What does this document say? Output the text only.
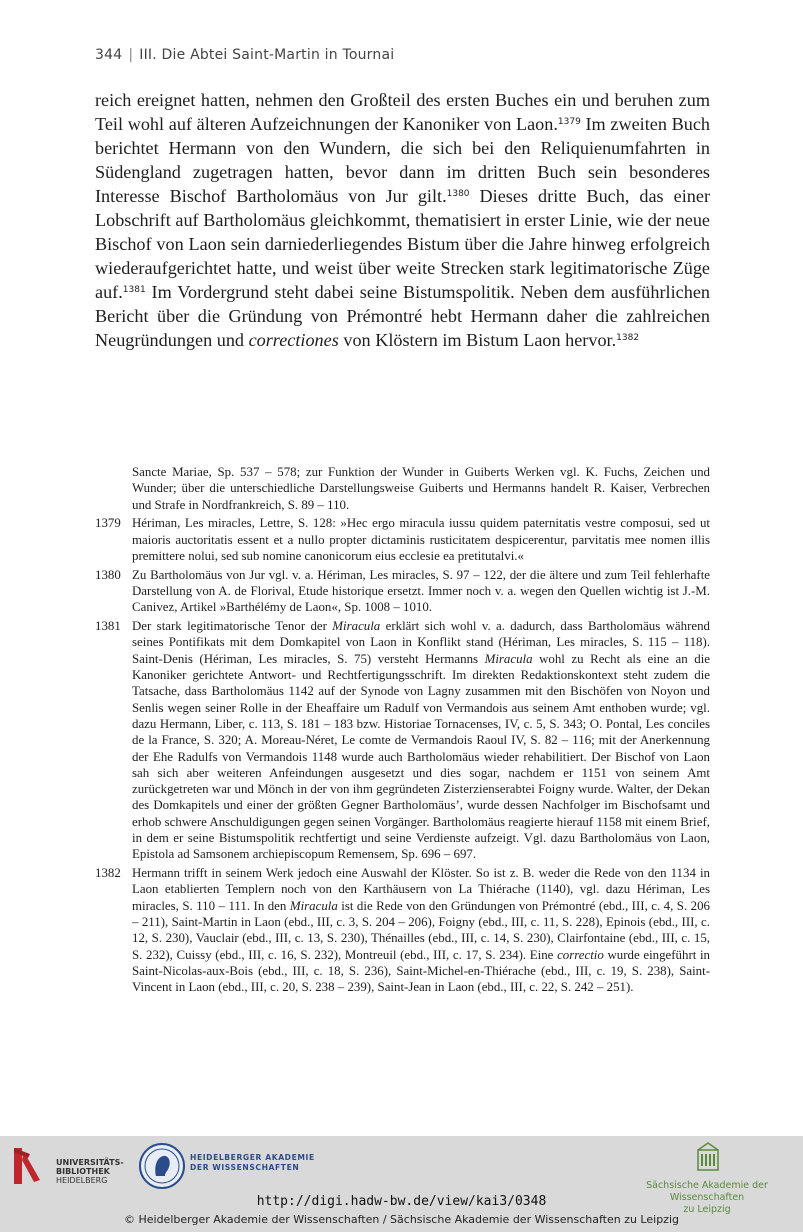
344 | III. Die Abtei Saint-Martin in Tournai

reich ereignet hatten, nehmen den Großteil des ersten Buches ein und beruhen zum Teil wohl auf älteren Aufzeichnungen der Kanoniker von Laon.$^{1379}$ Im zweiten Buch berichtet Hermann von den Wundern, die sich bei den Reliquienumfahrten in Südengland zugetragen hatten, bevor dann im dritten Buch sein besonderes Interesse Bischof Bartholomäus von Jur gilt.$^{1380}$ Dieses dritte Buch, das einer Lobschrift auf Bartholomäus gleichkommt, thematisiert in erster Linie, wie der neue Bischof von Laon sein darniederliegendes Bistum über die Jahre hinweg erfolgreich wiederaufgerichtet hatte, und weist über weite Strecken stark legitimatorische Züge auf.$^{1381}$ Im Vordergrund steht dabei seine Bistumspolitik. Neben dem ausführlichen Bericht über die Gründung von Prémontré hebt Hermann daher die zahlreichen Neugründungen und correctiones von Klöstern im Bistum Laon hervor.$^{1382}$

Sancte Mariae, Sp. 537 – 578; zur Funktion der Wunder in Guiberts Werken vgl. K. Fuchs, Zeichen und Wunder; über die unterschiedliche Darstellungsweise Guiberts und Hermanns handelt R. Kaiser, Verbrechen und Strafe in Nordfrankreich, S. 89 – 110.
1379 Hériman, Les miracles, Lettre, S. 128: »Hec ergo miracula iussu quidem paternitatis vestre composui, sed ut maioris auctoritatis essent et a nullo propter dictaminis rusticitatem despicerentur, parvitatis mee nomen illis premittere nolui, sed sub nomine canonicorum eius ecclesie ea pretitutalvi.«
1380 Zu Bartholomäus von Jur vgl. v. a. Hériman, Les miracles, S. 97 – 122, der die ältere und zum Teil fehlerhafte Darstellung von A. de Florival, Etude historique ersetzt. Immer noch v. a. wegen den Quellen wichtig ist J.-M. Canivez, Artikel »Barthélémy de Laon«, Sp. 1008 – 1010.
1381 Der stark legitimatorische Tenor der Miracula erklärt sich wohl v. a. dadurch, dass Bartholomäus während seines Pontifikats mit dem Domkapitel von Laon in Konflikt stand (Hériman, Les miracles, S. 115 – 118). Saint-Denis (Hériman, Les miracles, S. 75) versteht Hermanns Miracula wohl zu Recht als eine an die Kanoniker gerichtete Antwort- und Rechtfertigungsschrift. Im direkten Redaktionskontext steht zudem die Tatsache, dass Bartholomäus 1142 auf der Synode von Lagny zusammen mit den Bischöfen von Noyon und Senlis wegen seiner Rolle in der Eheaffaire um Radulf von Vermandois aus seinem Amt enthoben wurde; vgl. dazu Hermann, Liber, c. 113, S. 181 – 183 bzw. Historiae Tornacenses, IV, c. 5, S. 343; O. Pontal, Les conciles de la France, S. 320; A. Moreau-Néret, Le comte de Vermandois Raoul IV, S. 82 – 116; mit der Anerkennung der Ehe Radulfs von Vermandois 1148 wurde auch Bartholomäus wieder rehabilitiert. Der Bischof von Laon sah sich aber weiteren Anfeindungen ausgesetzt und dies sogar, nachdem er 1151 von seinem Amt zurückgetreten war und Mönch in der von ihm gegründeten Zisterzienserabtei Foigny wurde. Walter, der Dekan des Domkapitels und einer der größten Gegner Bartholomäus’, wurde dessen Nachfolger im Bischofsamt und erhob schwere Anschuldigungen gegen seinen Vorgänger. Bartholomäus reagierte hierauf 1158 mit einem Brief, in dem er seine Bistumspolitik rechtfertigt und seine Verdienste aufzeigt. Vgl. dazu Bartholomäus von Laon, Epistola ad Samsonem archiepiscopum Remensem, Sp. 696 – 697.
1382 Hermann trifft in seinem Werk jedoch eine Auswahl der Klöster. So ist z. B. weder die Rede von den 1134 in Laon etablierten Templern noch von den Karthäusern von La Thiérache (1140), vgl. dazu Hériman, Les miracles, S. 110 – 111. In den Miracula ist die Rede von den Gründungen von Prémontré (ebd., III, c. 4, S. 206 – 211), Saint-Martin in Laon (ebd., III, c. 3, S. 204 – 206), Foigny (ebd., III, c. 11, S. 228), Epinois (ebd., III, c. 12, S. 230), Vauclair (ebd., III, c. 13, S. 230), Thénailles (ebd., III, c. 14, S. 230), Clairfontaine (ebd., III, c. 15, S. 232), Cuissy (ebd., III, c. 16, S. 232), Montreuil (ebd., III, c. 17, S. 234). Eine correctio wurde eingeführt in Saint-Nicolas-aux-Bois (ebd., III, c. 18, S. 236), Saint-Michel-en-Thiérache (ebd., III, c. 19, S. 238), Saint-Vincent in Laon (ebd., III, c. 20, S. 238 – 239), Saint-Jean in Laon (ebd., III, c. 22, S. 242 – 251).
UNIVERSITÄTS-
BIBLIOTHEK
HEIDELBERG
HEIDELBERGER AKADEMIE
DER WISSENSCHAFTEN
Sächsische Akademie der Wissenschaften
zu Leipzig
http://digi.hadw-bw.de/view/kai3/0348
© Heidelberger Akademie der Wissenschaften / Sächsische Akademie der Wissenschaften zu Leipzig
